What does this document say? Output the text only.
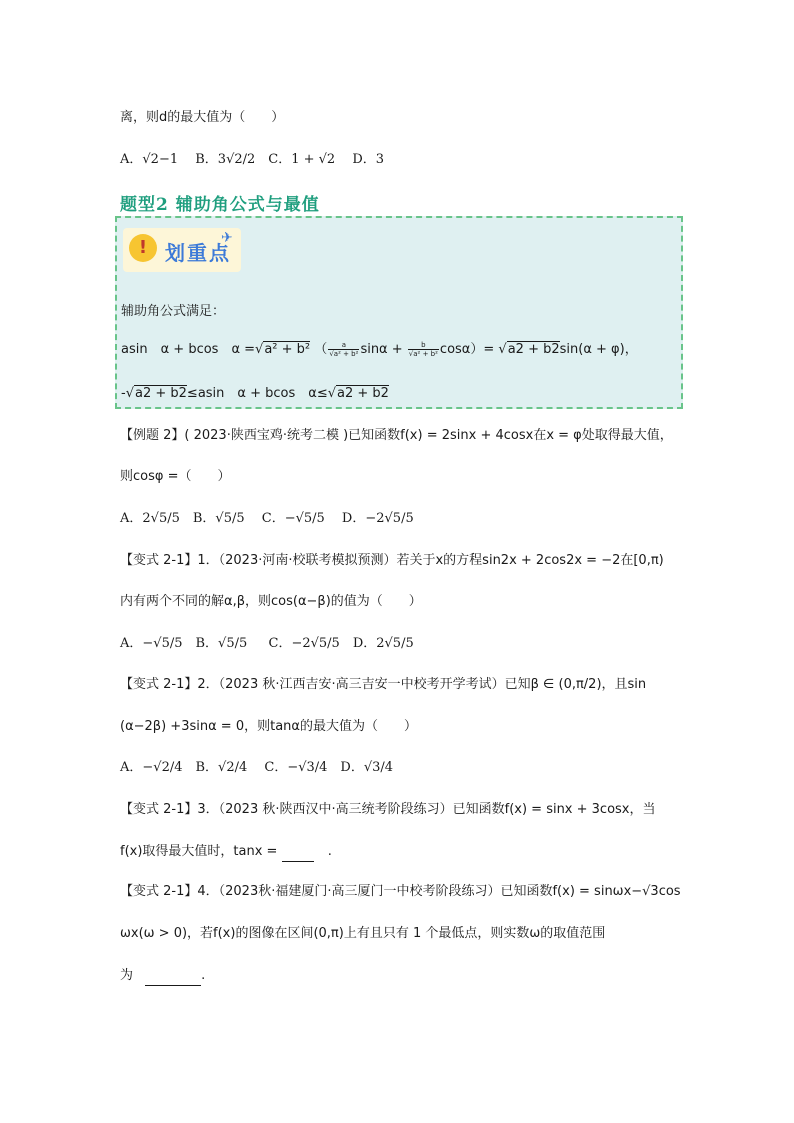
离，则d的最大值为（　　）
A．√2−1　 B．3√2/2　C．1 + √2 　D．3
题型2 辅助角公式与最值
! 划重点
✈
辅助角公式满足：
asin　α + bcos　α =√a² + b² （ $\frac{a}{\text{√a² + b²}}$ $\sin\alpha + \frac{b}{\text{√a² + b²}} \cos\alpha)= √a2 + b2\sin(\alpha + \varphi)$，
-√a2 + b2≤asin　α + bcos　α≤√a2 + b2
【例题 2】( 2023·陕西宝鸡·统考二模 )已知函数f(x) = 2sinx + 4cosx在x = φ处取得最大值，
则cosφ =（　　）
A．2√5/5　B．√5/5　 C．−√5/5 　D．−2√5/5
【变式 2-1】1．（2023·河南·校联考模拟预测）若关于x的方程sin2x + 2cos2x = −2在[0,π)
内有两个不同的解α,β，则cos(α−β)的值为（　　）
A．−√5/5　B．√5/5 　 C．−2√5/5　D．2√5/5
【变式 2-1】2．（2023 秋·江西吉安·高三吉安一中校考开学考试）已知β ∈ (0,π/2)，且sin
(α−2β) +3sinα = 0，则tanα的最大值为（　　）
A．−√2/4　B．√2/4　 C．−√3/4　D．√3/4
【变式 2-1】3．（2023 秋·陕西汉中·高三统考阶段练习）已知函数f(x) = sinx + 3cosx，当
f(x)取得最大值时，tanx =	.
【变式 2-1】4．（2023秋·福建厦门·高三厦门一中校考阶段练习）已知函数f(x) = sinωx−√3cos
ωx(ω > 0)，若f(x)的图像在区间(0,π)上有且只有 1 个最低点，则实数ω的取值范围
为	.
